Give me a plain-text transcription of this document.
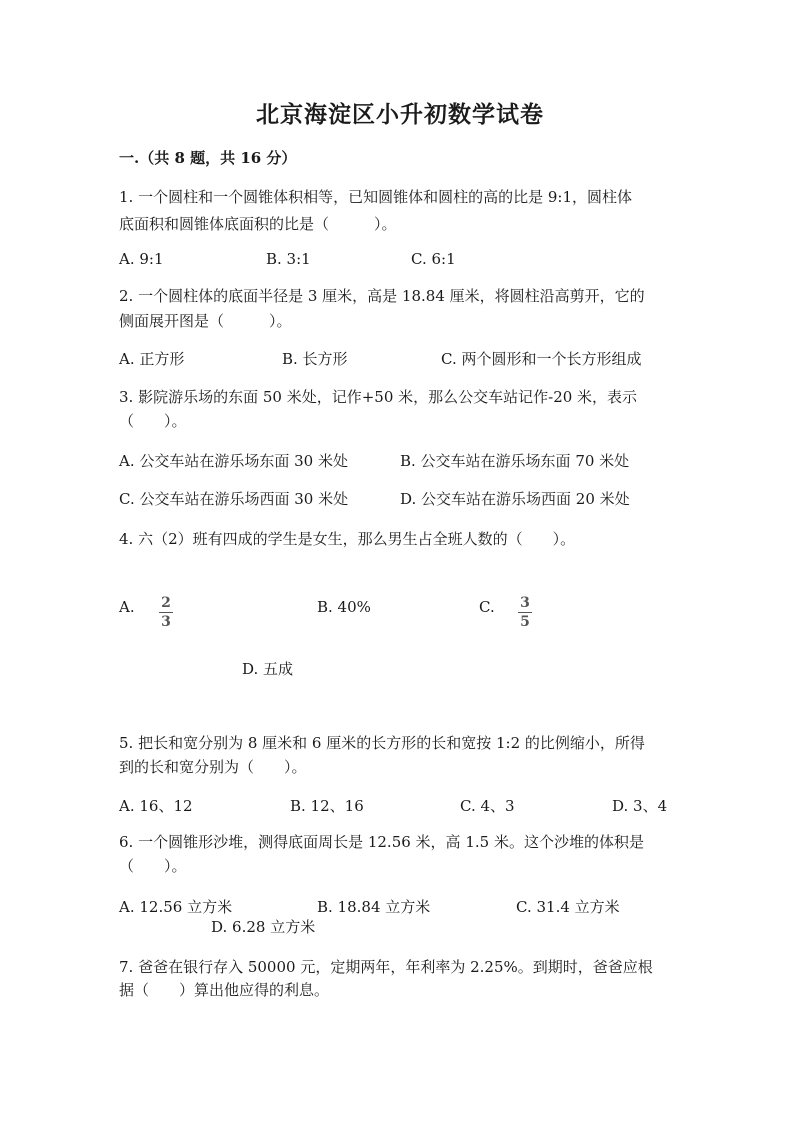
北京海淀区小升初数学试卷
一.（共 8 题，共 16 分）
1. 一个圆柱和一个圆锥体积相等，已知圆锥体和圆柱的高的比是 9:1，圆柱体
底面积和圆锥体底面积的比是（　　　）。
A. 9:1	B. 3:1	C. 6:1
2. 一个圆柱体的底面半径是 3 厘米，高是 18.84 厘米，将圆柱沿高剪开，它的
侧面展开图是（　　　）。
A. 正方形	B. 长方形	C. 两个圆形和一个长方形组成
3. 影院游乐场的东面 50 米处，记作+50 米，那么公交车站记作-20 米，表示
（　　）。
A. 公交车站在游乐场东面 30 米处	B. 公交车站在游乐场东面 70 米处
C. 公交车站在游乐场西面 30 米处	D. 公交车站在游乐场西面 20 米处
4. 六（2）班有四成的学生是女生，那么男生占全班人数的（　　）。
A. $\frac{2}{3}$	B. 40%	C. $\frac{3}{5}$
D. 五成
5. 把长和宽分别为 8 厘米和 6 厘米的长方形的长和宽按 1:2 的比例缩小，所得
到的长和宽分别为（　　）。
A. 16、12	B. 12、16	C. 4、3	D. 3、4
6. 一个圆锥形沙堆，测得底面周长是 12.56 米，高 1.5 米。这个沙堆的体积是
（　　）。
A. 12.56 立方米	B. 18.84 立方米	C. 31.4 立方米
D. 6.28 立方米
7. 爸爸在银行存入 50000 元，定期两年，年利率为 2.25%。到期时，爸爸应根
据（　　）算出他应得的利息。
